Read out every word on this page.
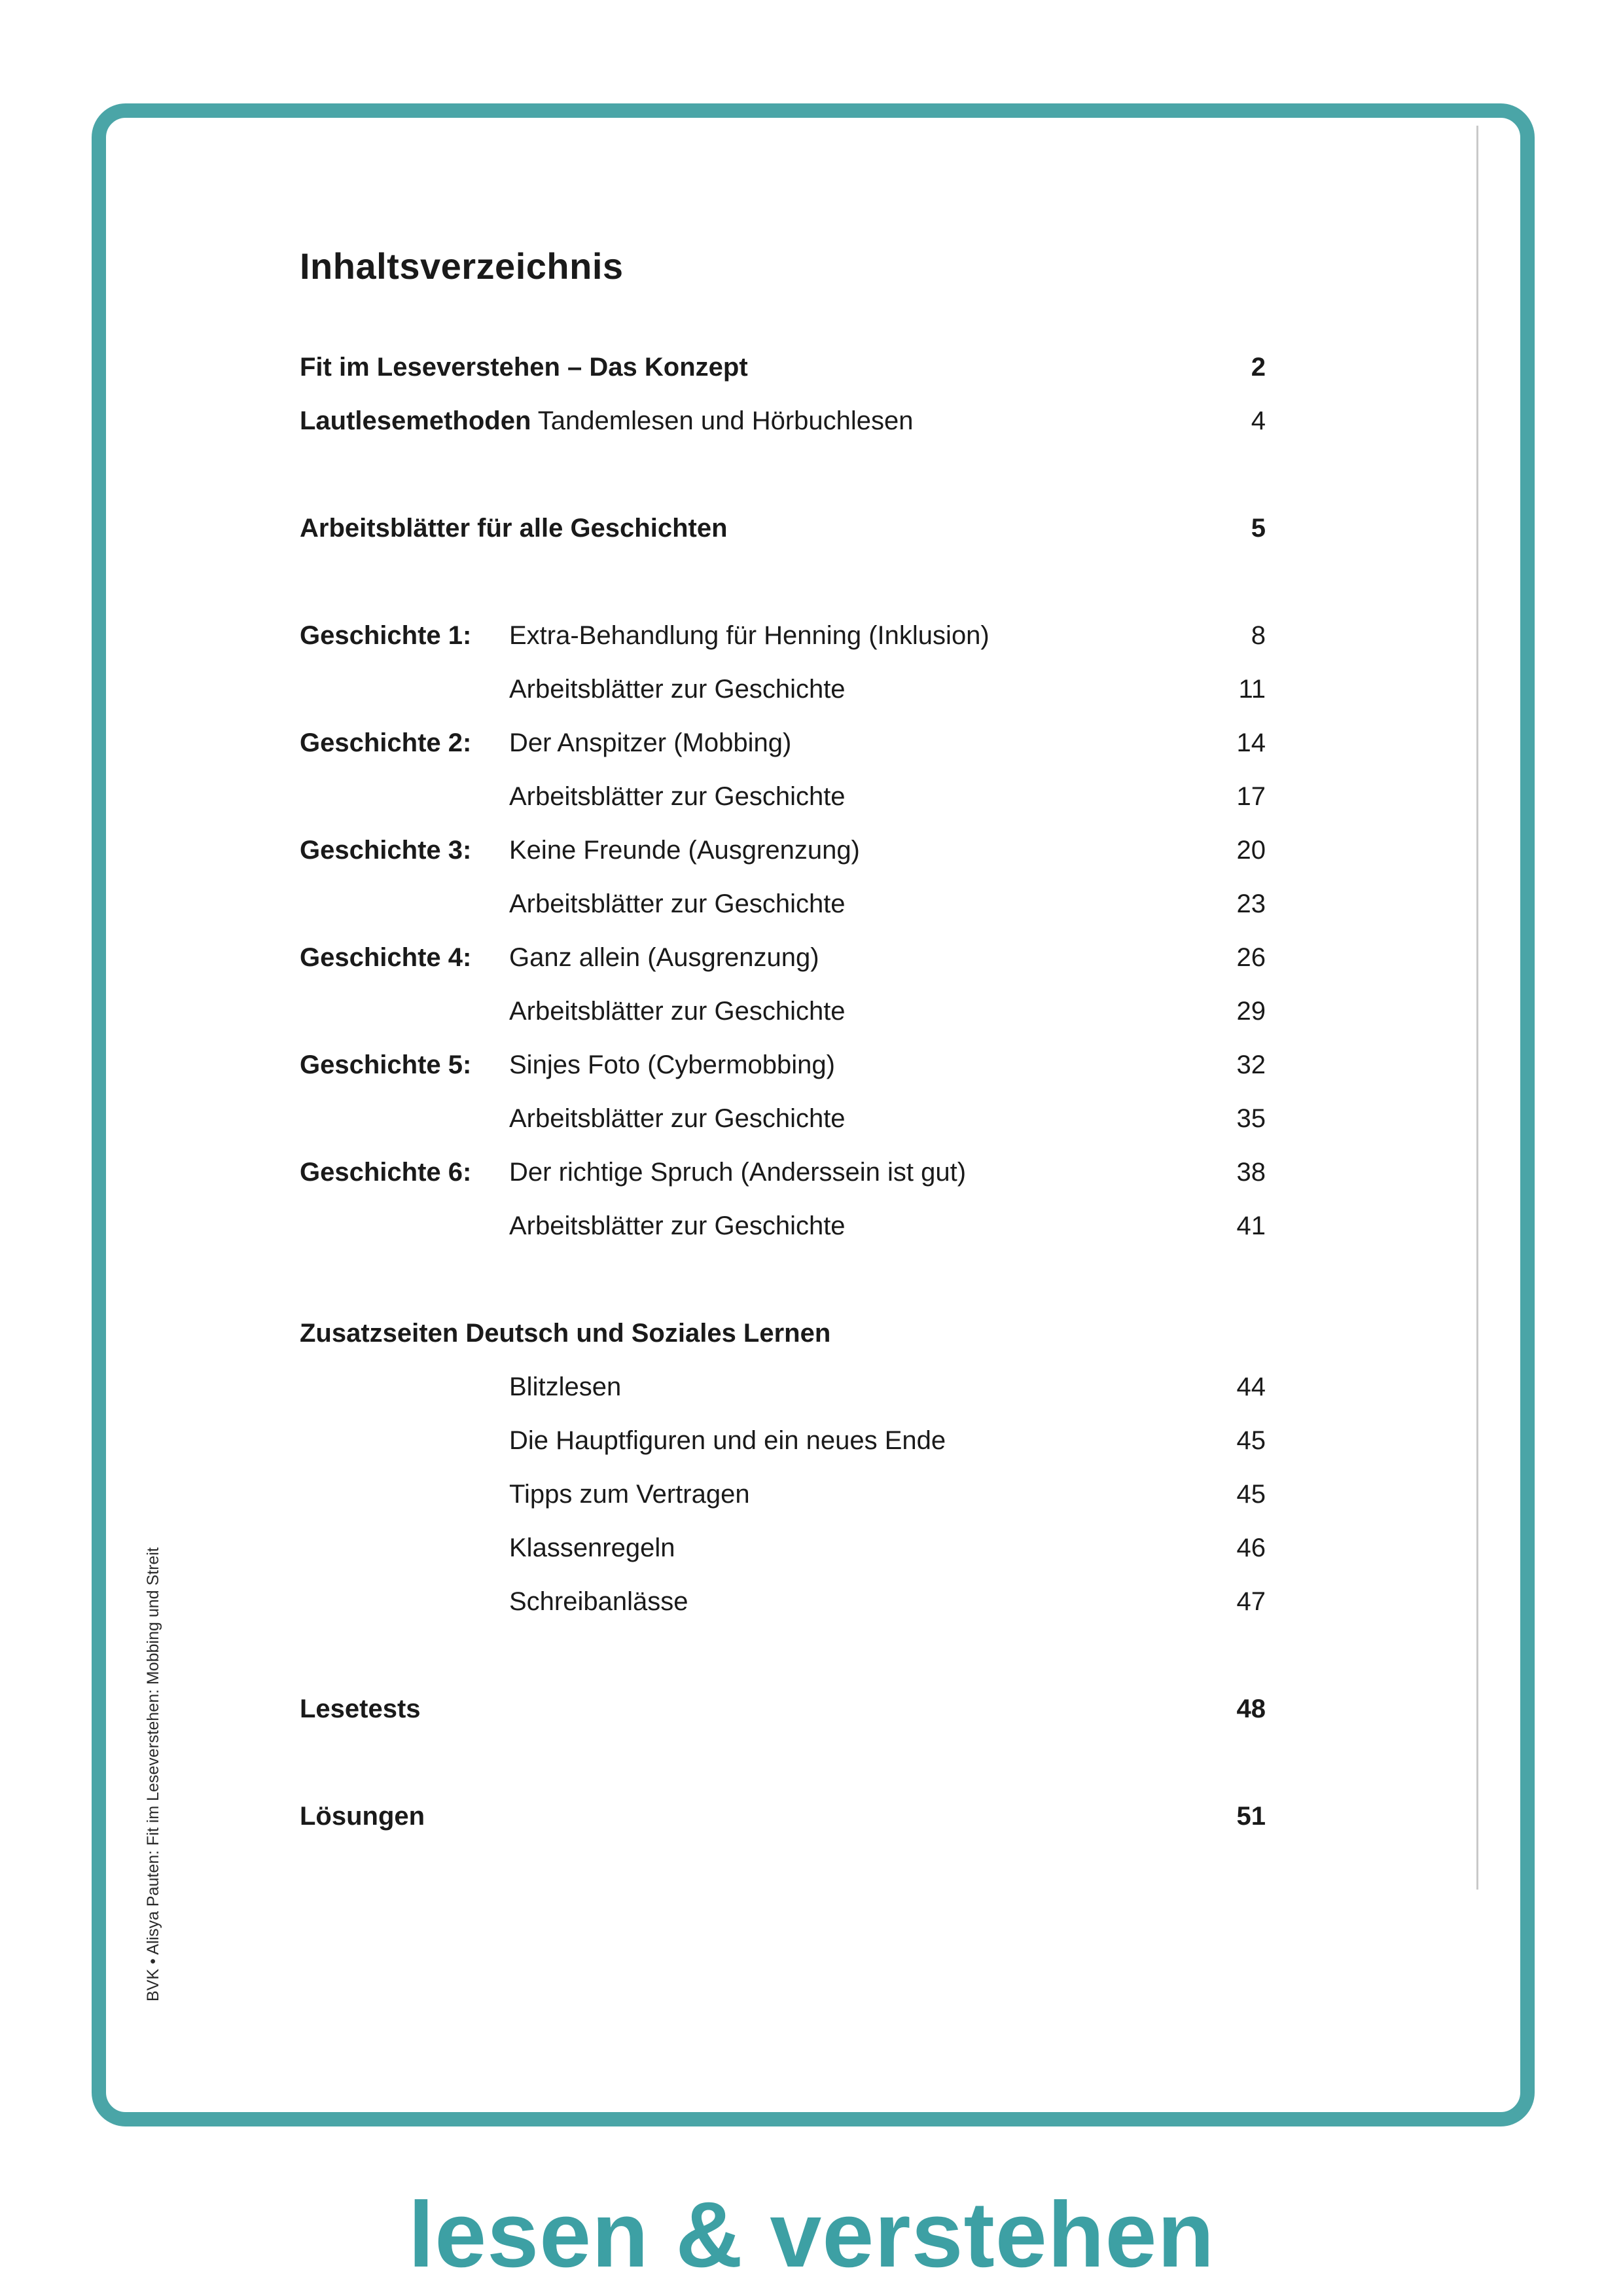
BVK • Alisya Pauten: Fit im Leseverstehen: Mobbing und Streit
Inhaltsverzeichnis
Fit im Leseverstehen – Das Konzept	2
Lautlesemethoden Tandemlesen und Hörbuchlesen	4
Arbeitsblätter für alle Geschichten	5
Geschichte 1:	Extra-Behandlung für Henning (Inklusion)	8
Arbeitsblätter zur Geschichte	11
Geschichte 2:	Der Anspitzer (Mobbing)	14
Arbeitsblätter zur Geschichte	17
Geschichte 3:	Keine Freunde (Ausgrenzung)	20
Arbeitsblätter zur Geschichte	23
Geschichte 4:	Ganz allein (Ausgrenzung)	26
Arbeitsblätter zur Geschichte	29
Geschichte 5:	Sinjes Foto (Cybermobbing)	32
Arbeitsblätter zur Geschichte	35
Geschichte 6:	Der richtige Spruch (Anderssein ist gut)	38
Arbeitsblätter zur Geschichte	41
Zusatzseiten Deutsch und Soziales Lernen
Blitzlesen	44
Die Hauptfiguren und ein neues Ende	45
Tipps zum Vertragen	45
Klassenregeln	46
Schreibanlässe	47
Lesetests	48
Lösungen	51
lesen & verstehen
